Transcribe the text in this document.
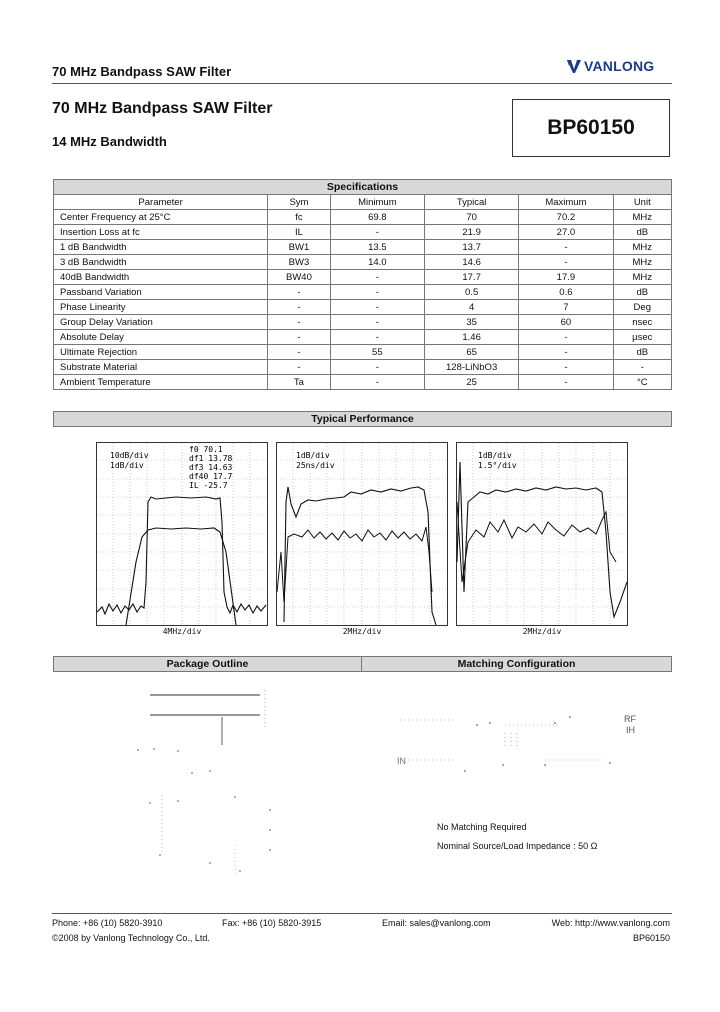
70 MHz Bandpass SAW Filter	VANLONG
70 MHz Bandpass SAW Filter
14 MHz Bandwidth
BP60150
Specifications					
Parameter	Sym	Minimum	Typical	Maximum	Unit
Center Frequency at 25°C	fc	69.8	70	70.2	MHz
Insertion Loss at fc	IL	-	21.9	27.0	dB
1 dB Bandwidth	BW1	13.5	13.7	-	MHz
3 dB Bandwidth	BW3	14.0	14.6	-	MHz
40dB Bandwidth	BW40	-	17.7	17.9	MHz
Passband Variation	-	-	0.5	0.6	dB
Phase Linearity	-	-	4	7	Deg
Group Delay Variation	-	-	35	60	nsec
Absolute Delay	-	-	1.46	-	µsec
Ultimate Rejection	-	55	65	-	dB
Substrate Material	-	-	128-LiNbO3	-	-
Ambient Temperature	Ta	-	25	-	°C
Typical Performance
10dB/div
1dB/div
f0 70.1
df1 13.78
df3 14.63
df40 17.7
IL -25.7
4MHz/div
1dB/div
25ns/div
2MHz/div
1dB/div
1.5°/div
2MHz/div
Package Outline	Matching Configuration
RF
IH
IN
No Matching Required
Nominal Source/Load Impedance : 50 Ω
Phone: +86 (10) 5820-3910	Fax: +86 (10) 5820-3915	Email: sales@vanlong.com	Web: http://www.vanlong.com
©2008 by Vanlong Technology Co., Ltd.	BP60150
